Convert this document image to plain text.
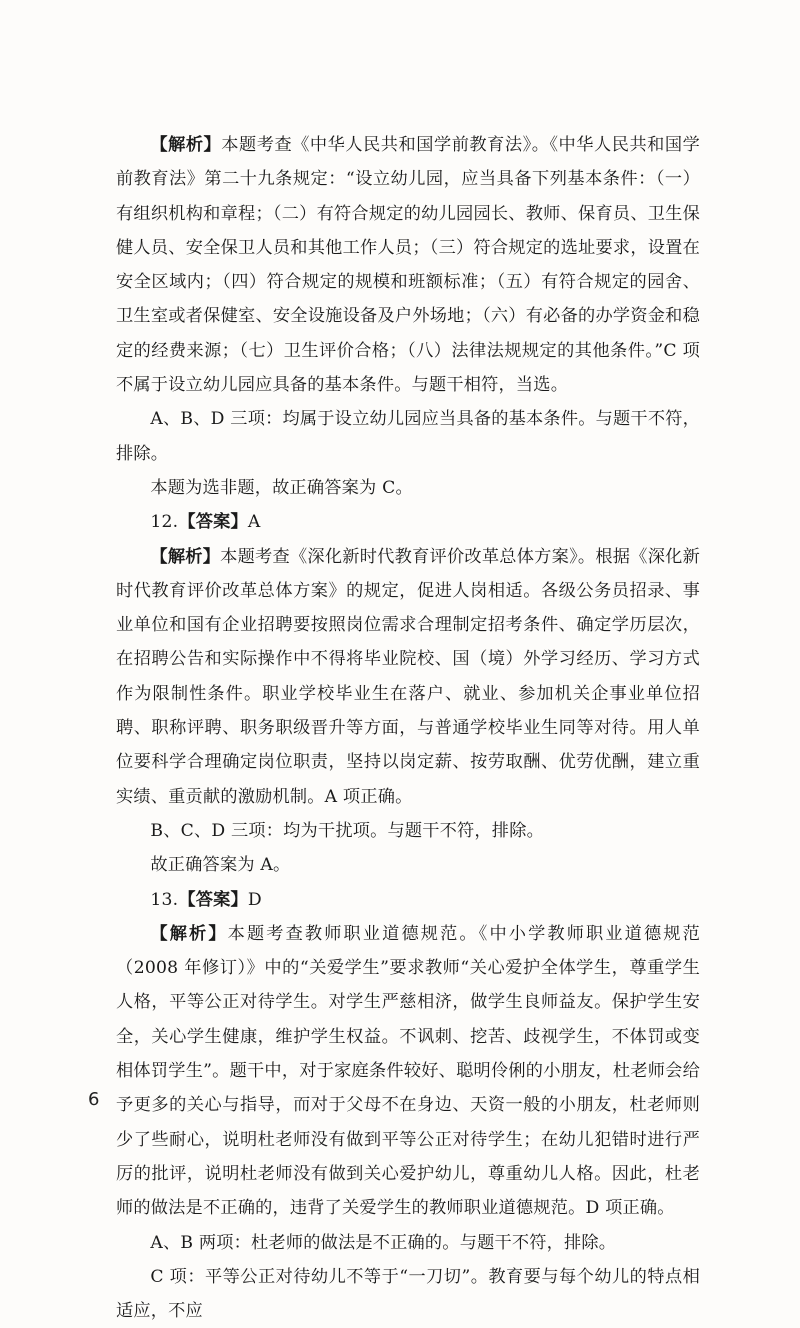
【解析】本题考查《中华人民共和国学前教育法》。《中华人民共和国学前教育法》第二十九条规定：“设立幼儿园，应当具备下列基本条件：（一）有组织机构和章程；（二）有符合规定的幼儿园园长、教师、保育员、卫生保健人员、安全保卫人员和其他工作人员；（三）符合规定的选址要求，设置在安全区域内；（四）符合规定的规模和班额标准；（五）有符合规定的园舍、卫生室或者保健室、安全设施设备及户外场地；（六）有必备的办学资金和稳定的经费来源；（七）卫生评价合格；（八）法律法规规定的其他条件。”C 项不属于设立幼儿园应具备的基本条件。与题干相符，当选。

A、B、D 三项：均属于设立幼儿园应当具备的基本条件。与题干不符，排除。

本题为选非题，故正确答案为 C。

12.【答案】A

【解析】本题考查《深化新时代教育评价改革总体方案》。根据《深化新时代教育评价改革总体方案》的规定，促进人岗相适。各级公务员招录、事业单位和国有企业招聘要按照岗位需求合理制定招考条件、确定学历层次，在招聘公告和实际操作中不得将毕业院校、国（境）外学习经历、学习方式作为限制性条件。职业学校毕业生在落户、就业、参加机关企事业单位招聘、职称评聘、职务职级晋升等方面，与普通学校毕业生同等对待。用人单位要科学合理确定岗位职责，坚持以岗定薪、按劳取酬、优劳优酬，建立重实绩、重贡献的激励机制。A 项正确。

B、C、D 三项：均为干扰项。与题干不符，排除。

故正确答案为 A。

13.【答案】D

【解析】本题考查教师职业道德规范。《中小学教师职业道德规范（2008 年修订）》中的“关爱学生”要求教师“关心爱护全体学生，尊重学生人格，平等公正对待学生。对学生严慈相济，做学生良师益友。保护学生安全，关心学生健康，维护学生权益。不讽刺、挖苦、歧视学生，不体罚或变相体罚学生”。题干中，对于家庭条件较好、聪明伶俐的小朋友，杜老师会给予更多的关心与指导，而对于父母不在身边、天资一般的小朋友，杜老师则少了些耐心，说明杜老师没有做到平等公正对待学生；在幼儿犯错时进行严厉的批评，说明杜老师没有做到关心爱护幼儿，尊重幼儿人格。因此，杜老师的做法是不正确的，违背了关爱学生的教师职业道德规范。D 项正确。

A、B 两项：杜老师的做法是不正确的。与题干不符，排除。

C 项：平等公正对待幼儿不等于“一刀切”。教育要与每个幼儿的特点相适应，不应

6
